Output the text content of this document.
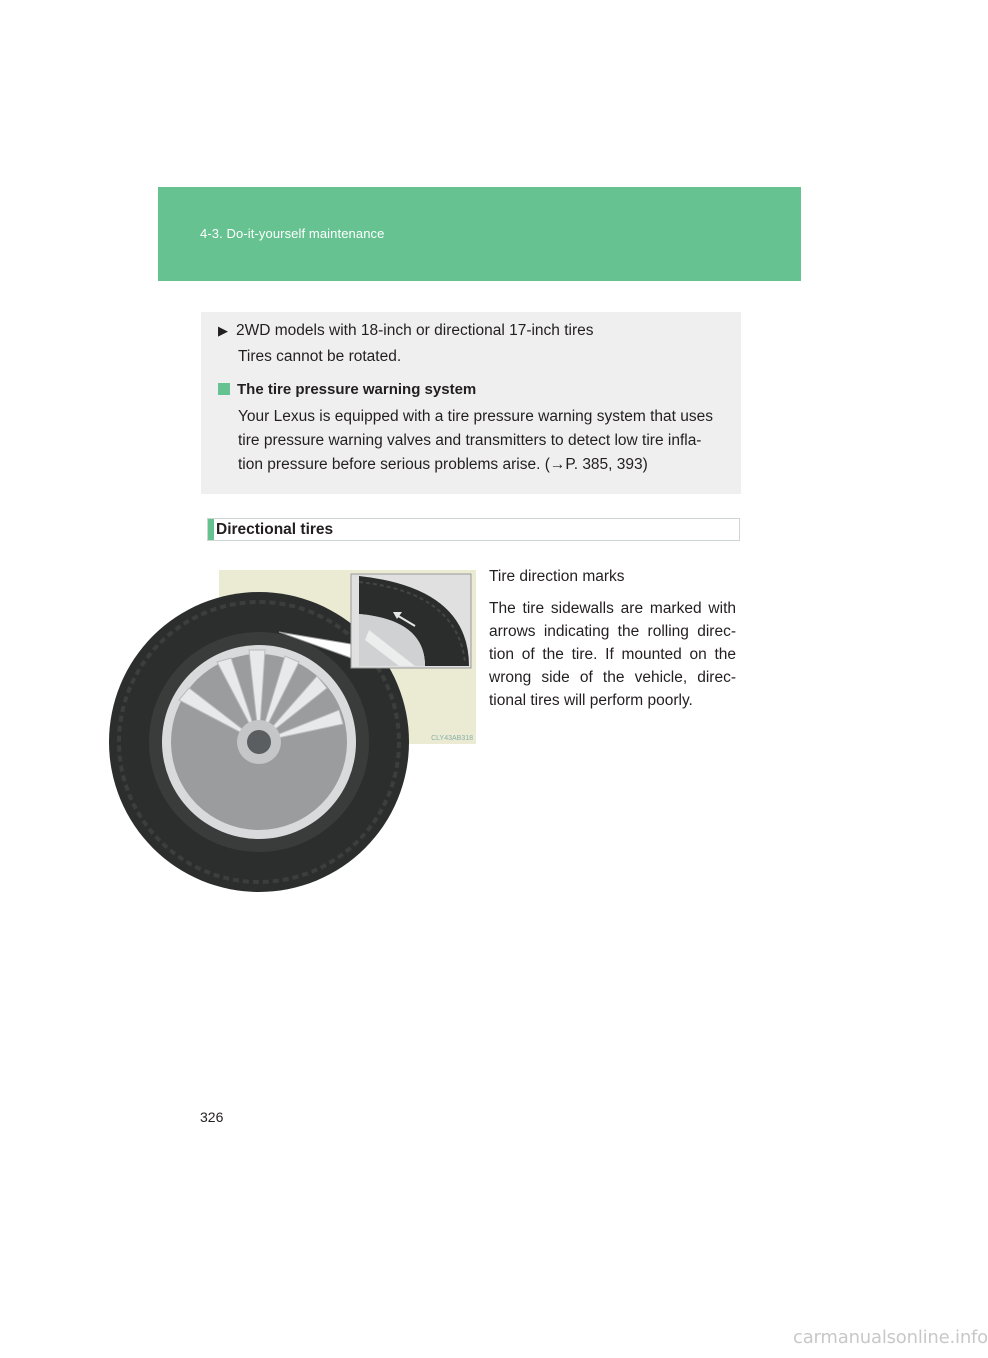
4-3. Do-it-yourself maintenance
▶ 2WD models with 18-inch or directional 17-inch tires
Tires cannot be rotated.
The tire pressure warning system

Your Lexus is equipped with a tire pressure warning system that uses tire pressure warning valves and transmitters to detect low tire infla-tion pressure before serious problems arise. (→P. 385, 393)

Directional tires
CLY43AB318
Tire direction marks

The tire sidewalls are marked with arrows indicating the rolling direc-tion of the tire. If mounted on the wrong side of the vehicle, direc-tional tires will perform poorly.

326
carmanualsonline.info
